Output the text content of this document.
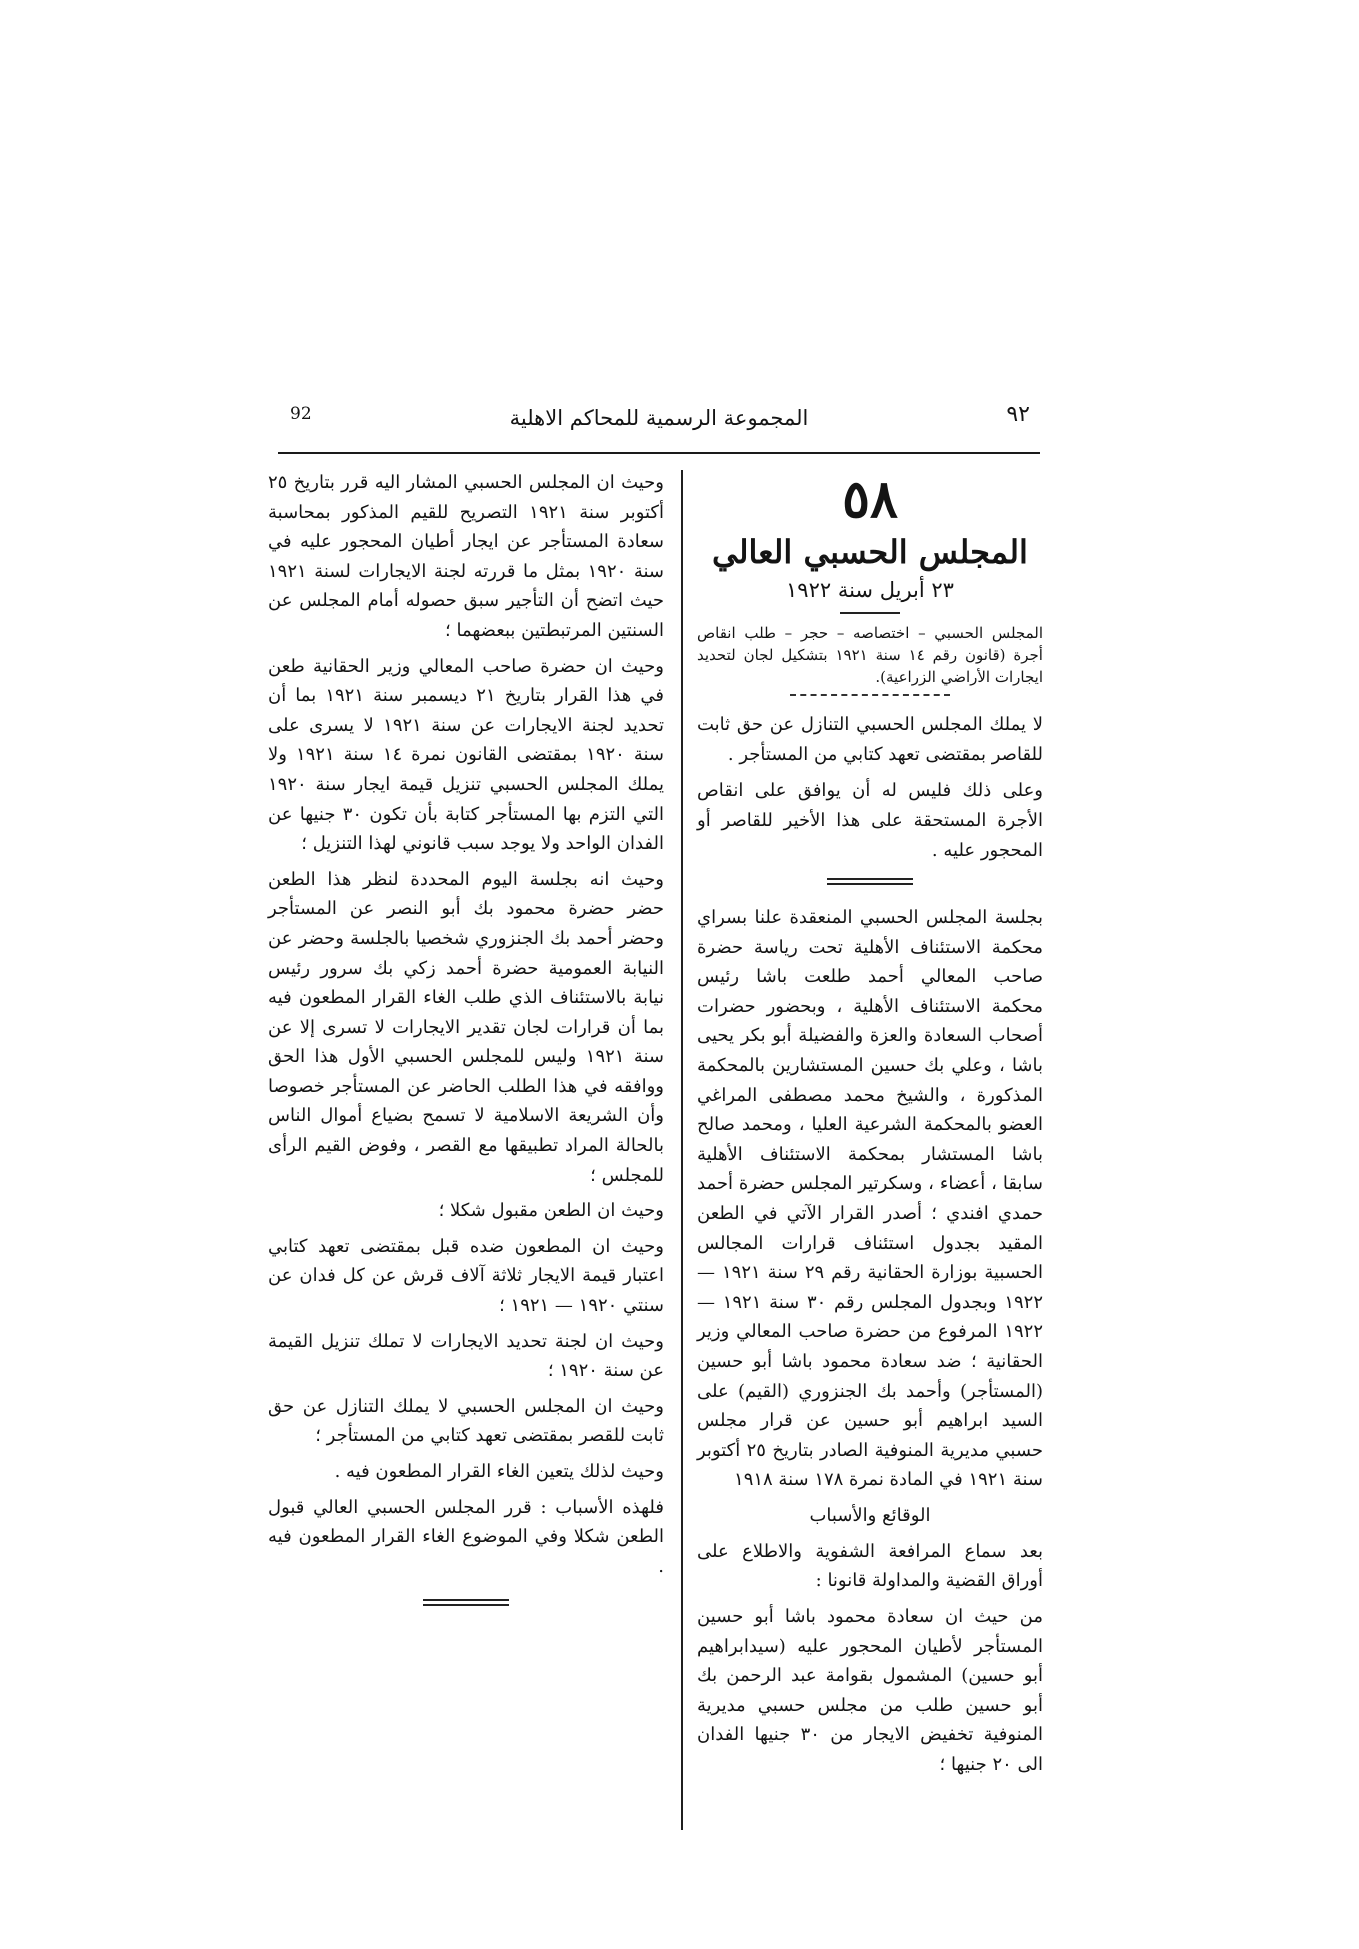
92	المجموعة الرسمية للمحاكم الاهلية	٩٢
٥٨
المجلس الحسبي العالي
٢٣ أبريل سنة ١٩٢٢

المجلس الحسبي – اختصاصه – حجر – طلب انقاص أجرة (قانون رقم ١٤ سنة ١٩٢١ بتشكيل لجان لتحديد ايجارات الأراضي الزراعية).

لا يملك المجلس الحسبي التنازل عن حق ثابت للقاصر بمقتضى تعهد كتابي من المستأجر .

وعلى ذلك فليس له أن يوافق على انقاص الأجرة المستحقة على هذا الأخير للقاصر أو المحجور عليه .

بجلسة المجلس الحسبي المنعقدة علنا بسراي محكمة الاستئناف الأهلية تحت رياسة حضرة صاحب المعالي أحمد طلعت باشا رئيس محكمة الاستئناف الأهلية ، وبحضور حضرات أصحاب السعادة والعزة والفضيلة أبو بكر يحيى باشا ، وعلي بك حسين المستشارين بالمحكمة المذكورة ، والشيخ محمد مصطفى المراغي العضو بالمحكمة الشرعية العليا ، ومحمد صالح باشا المستشار بمحكمة الاستئناف الأهلية سابقا ، أعضاء ، وسكرتير المجلس حضرة أحمد حمدي افندي ؛ أصدر القرار الآتي في الطعن المقيد بجدول استئناف قرارات المجالس الحسبية بوزارة الحقانية رقم ٢٩ سنة ١٩٢١ — ١٩٢٢ وبجدول المجلس رقم ٣٠ سنة ١٩٢١ — ١٩٢٢ المرفوع من حضرة صاحب المعالي وزير الحقانية ؛ ضد سعادة محمود باشا أبو حسين (المستأجر) وأحمد بك الجنزوري (القيم) على السيد ابراهيم أبو حسين عن قرار مجلس حسبي مديرية المنوفية الصادر بتاريخ ٢٥ أكتوبر سنة ١٩٢١ في المادة نمرة ١٧٨ سنة ١٩١٨

الوقائع والأسباب

بعد سماع المرافعة الشفوية والاطلاع على أوراق القضية والمداولة قانونا :

من حيث ان سعادة محمود باشا أبو حسين المستأجر لأطيان المحجور عليه (سيدابراهيم أبو حسين) المشمول بقوامة عبد الرحمن بك أبو حسين طلب من مجلس حسبي مديرية المنوفية تخفيض الايجار من ٣٠ جنيها الفدان الى ٢٠ جنيها ؛

وحيث ان المجلس الحسبي المشار اليه قرر بتاريخ ٢٥ أكتوبر سنة ١٩٢١ التصريح للقيم المذكور بمحاسبة سعادة المستأجر عن ايجار أطيان المحجور عليه في سنة ١٩٢٠ بمثل ما قررته لجنة الايجارات لسنة ١٩٢١ حيث اتضح أن التأجير سبق حصوله أمام المجلس عن السنتين المرتبطتين ببعضهما ؛

وحيث ان حضرة صاحب المعالي وزير الحقانية طعن في هذا القرار بتاريخ ٢١ ديسمبر سنة ١٩٢١ بما أن تحديد لجنة الايجارات عن سنة ١٩٢١ لا يسرى على سنة ١٩٢٠ بمقتضى القانون نمرة ١٤ سنة ١٩٢١ ولا يملك المجلس الحسبي تنزيل قيمة ايجار سنة ١٩٢٠ التي التزم بها المستأجر كتابة بأن تكون ٣٠ جنيها عن الفدان الواحد ولا يوجد سبب قانوني لهذا التنزيل ؛

وحيث انه بجلسة اليوم المحددة لنظر هذا الطعن حضر حضرة محمود بك أبو النصر عن المستأجر وحضر أحمد بك الجنزوري شخصيا بالجلسة وحضر عن النيابة العمومية حضرة أحمد زكي بك سرور رئيس نيابة بالاستئناف الذي طلب الغاء القرار المطعون فيه بما أن قرارات لجان تقدير الايجارات لا تسرى إلا عن سنة ١٩٢١ وليس للمجلس الحسبي الأول هذا الحق ووافقه في هذا الطلب الحاضر عن المستأجر خصوصا وأن الشريعة الاسلامية لا تسمح بضياع أموال الناس بالحالة المراد تطبيقها مع القصر ، وفوض القيم الرأى للمجلس ؛

وحيث ان الطعن مقبول شكلا ؛

وحيث ان المطعون ضده قبل بمقتضى تعهد كتابي اعتبار قيمة الايجار ثلاثة آلاف قرش عن كل فدان عن سنتي ١٩٢٠ — ١٩٢١ ؛

وحيث ان لجنة تحديد الايجارات لا تملك تنزيل القيمة عن سنة ١٩٢٠ ؛

وحيث ان المجلس الحسبي لا يملك التنازل عن حق ثابت للقصر بمقتضى تعهد كتابي من المستأجر ؛

وحيث لذلك يتعين الغاء القرار المطعون فيه .

فلهذه الأسباب : قرر المجلس الحسبي العالي قبول الطعن شكلا وفي الموضوع الغاء القرار المطعون فيه .
